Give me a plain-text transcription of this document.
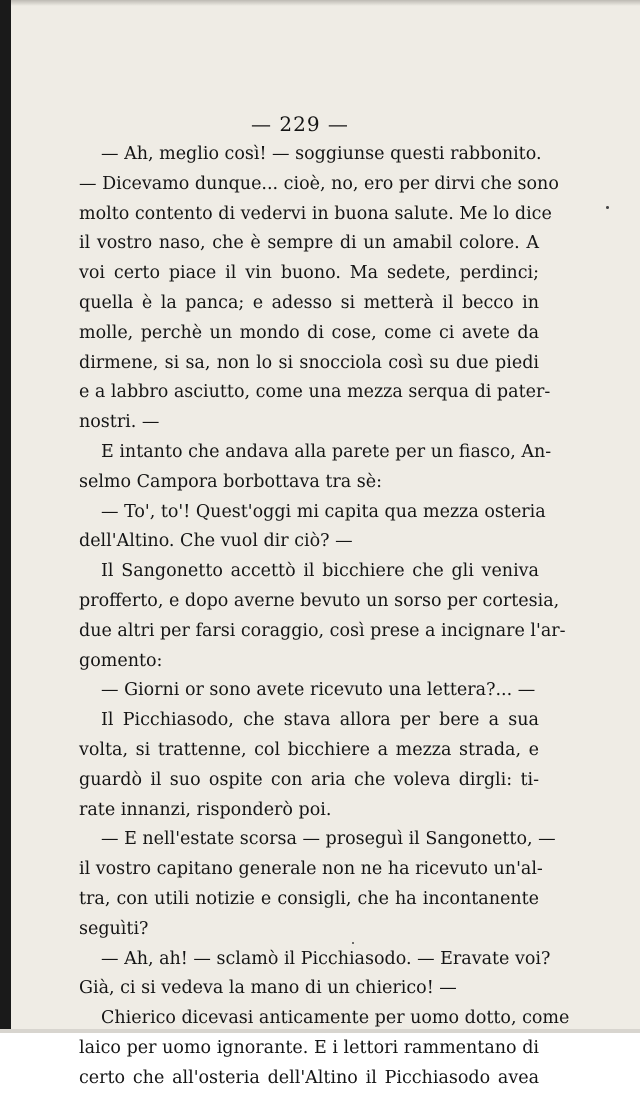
— 229 —
— Ah, meglio così! — soggiunse questi rabbonito.
— Dicevamo dunque... cioè, no, ero per dirvi che sono
molto contento di vedervi in buona salute. Me lo dice
il vostro naso, che è sempre di un amabil colore. A
voi certo piace il vin buono. Ma sedete, perdinci;
quella è la panca; e adesso si metterà il becco in
molle, perchè un mondo di cose, come ci avete da
dirmene, si sa, non lo si snocciola così su due piedi
e a labbro asciutto, come una mezza serqua di pater-
nostri. —
E intanto che andava alla parete per un fiasco, An-
selmo Campora borbottava tra sè:
— To', to'! Quest'oggi mi capita qua mezza osteria
dell'Altino. Che vuol dir ciò? —
Il Sangonetto accettò il bicchiere che gli veniva
profferto, e dopo averne bevuto un sorso per cortesia,
due altri per farsi coraggio, così prese a incignare l'ar-
gomento:
— Giorni or sono avete ricevuto una lettera?... —
Il Picchiasodo, che stava allora per bere a sua
volta, si trattenne, col bicchiere a mezza strada, e
guardò il suo ospite con aria che voleva dirgli: ti-
rate innanzi, risponderò poi.
— E nell'estate scorsa — proseguì il Sangonetto, —
il vostro capitano generale non ne ha ricevuto un'al-
tra, con utili notizie e consigli, che ha incontanente
seguìti?
— Ah, ah! — sclamò il Picchiasodo. — Eravate voi?
Già, ci si vedeva la mano di un chierico! —
Chierico dicevasi anticamente per uomo dotto, come
laico per uomo ignorante. E i lettori rammentano di
certo che all'osteria dell'Altino il Picchiasodo avea
